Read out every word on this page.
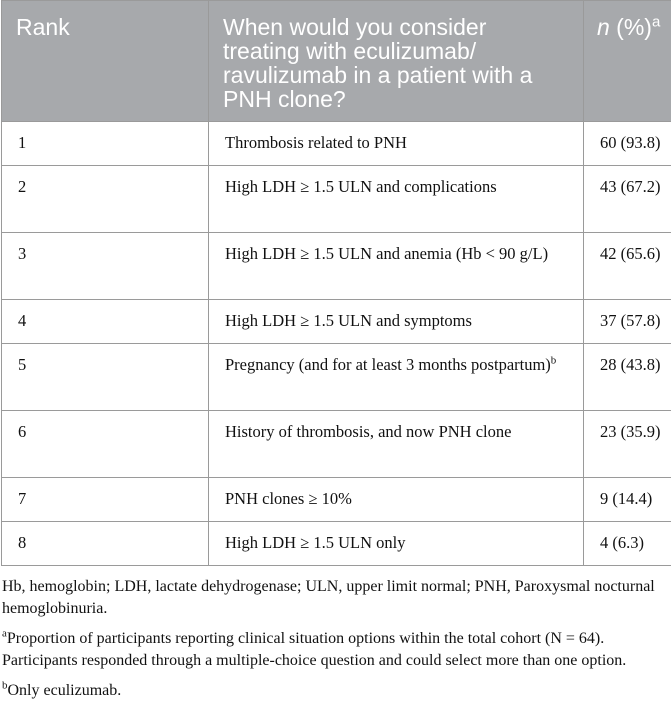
Rank	When would you consider treating with eculizumab/ ravulizumab in a patient with a PNH clone?	n (%)$^a$
1	Thrombosis related to PNH	60 (93.8)
2	High LDH ≥ 1.5 ULN and complications	43 (67.2)
3	High LDH ≥ 1.5 ULN and anemia (Hb < 90 g/L)	42 (65.6)
4	High LDH ≥ 1.5 ULN and symptoms	37 (57.8)
5	Pregnancy (and for at least 3 months postpartum)$^b$	28 (43.8)
6	History of thrombosis, and now PNH clone	23 (35.9)
7	PNH clones ≥ 10%	9 (14.4)
8	High LDH ≥ 1.5 ULN only	4 (6.3)

Hb, hemoglobin; LDH, lactate dehydrogenase; ULN, upper limit normal; PNH, Paroxysmal nocturnal hemoglobinuria.

$^a$Proportion of participants reporting clinical situation options within the total cohort (N = 64). Participants responded through a multiple-choice question and could select more than one option.

$^b$Only eculizumab.
